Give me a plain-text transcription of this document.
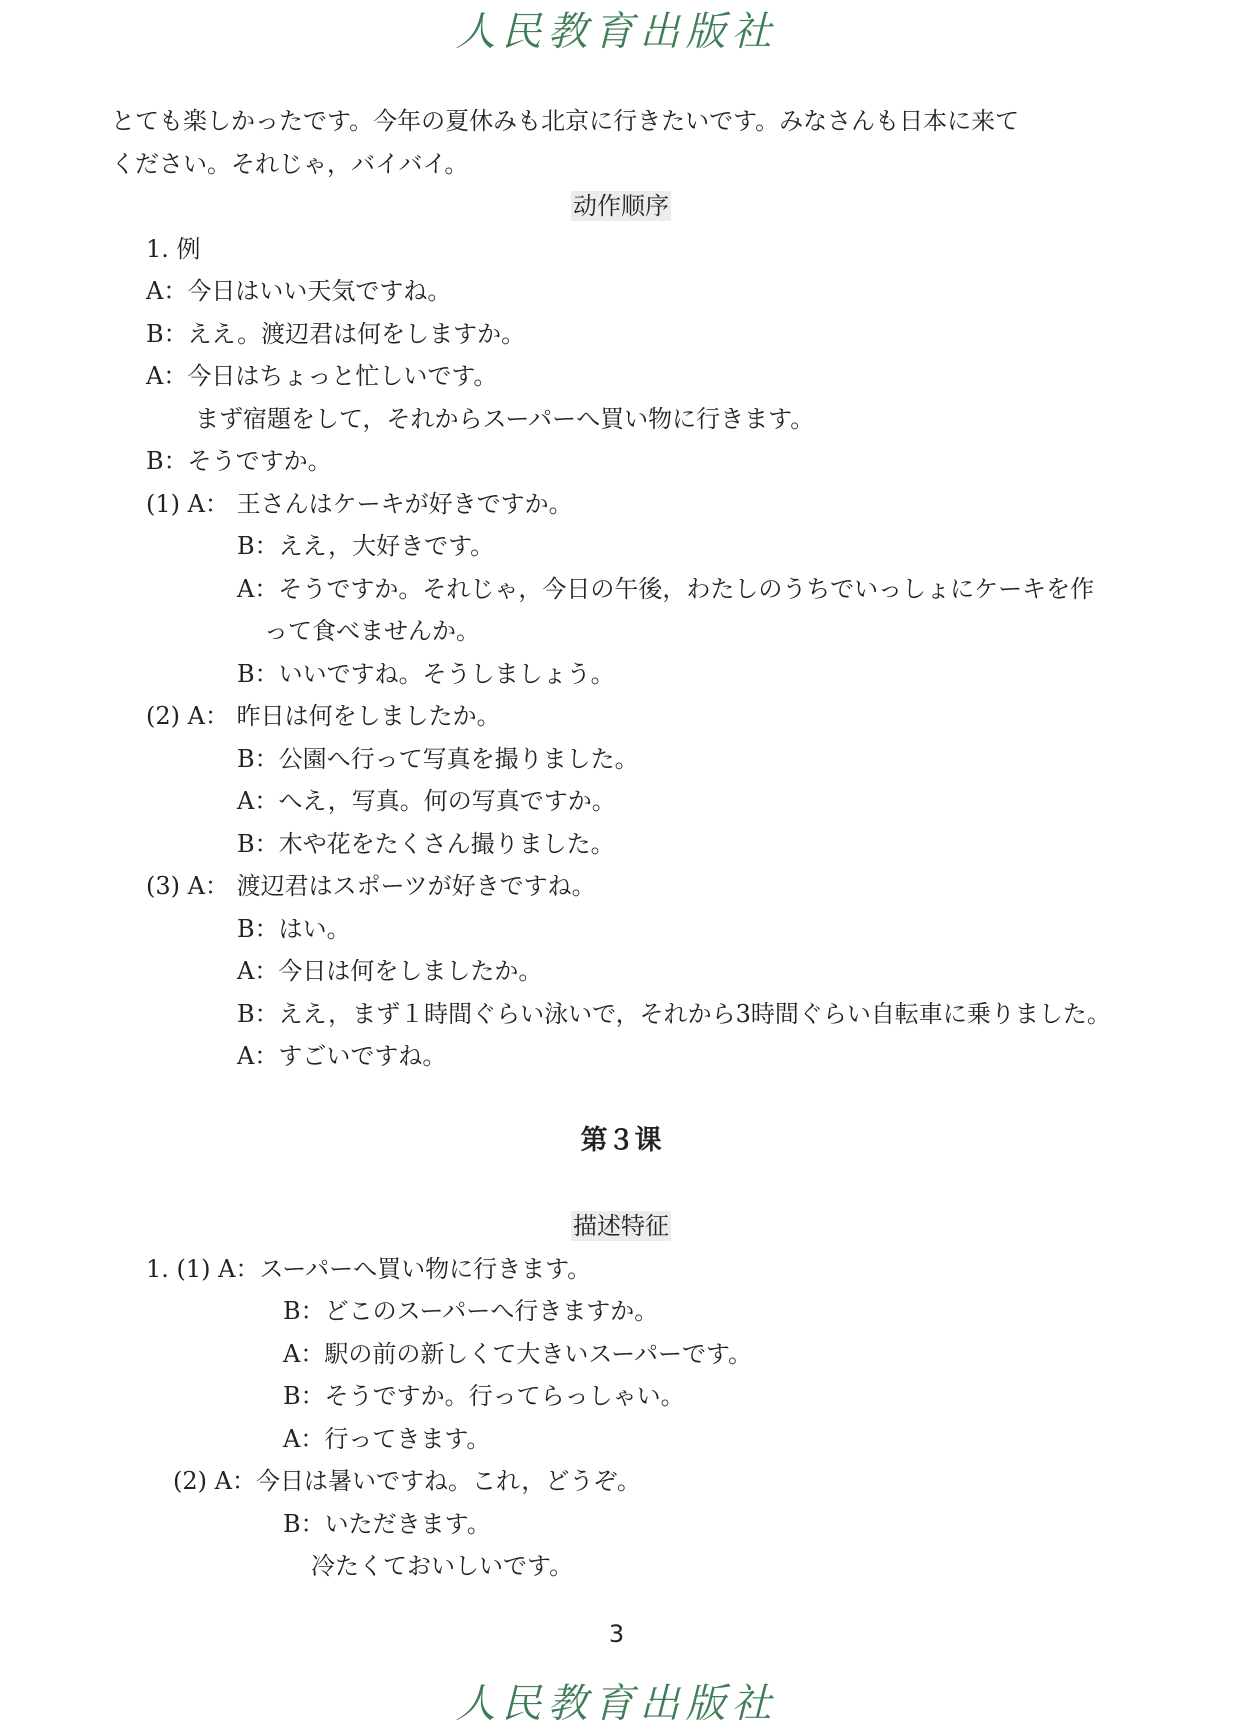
人民教育出版社
とても楽しかったです。今年の夏休みも北京に行きたいです。みなさんも日本に来て
ください。それじゃ，バイバイ。
动作顺序
1. 例
A：今日はいい天気ですね。
B：ええ。渡辺君は何をしますか。
A：今日はちょっと忙しいです。
まず宿題をして，それからスーパーへ買い物に行きます。
B：そうですか。
(1) A： 王さんはケーキが好きですか。
B：ええ，大好きです。
A：そうですか。それじゃ，今日の午後，わたしのうちでいっしょにケーキを作
って食べませんか。
B：いいですね。そうしましょう。
(2) A： 昨日は何をしましたか。
B：公園へ行って写真を撮りました。
A：へえ，写真。何の写真ですか。
B：木や花をたくさん撮りました。
(3) A： 渡辺君はスポーツが好きですね。
B：はい。
A：今日は何をしましたか。
B：ええ，まず１時間ぐらい泳いで，それから3時間ぐらい自転車に乗りました。
A：すごいですね。
第３课
描述特征
1. (1) A：スーパーへ買い物に行きます。
B：どこのスーパーへ行きますか。
A：駅の前の新しくて大きいスーパーです。
B：そうですか。行ってらっしゃい。
A：行ってきます。
(2) A：今日は暑いですね。これ，どうぞ。
B：いただきます。
冷たくておいしいです。
3
人民教育出版社
